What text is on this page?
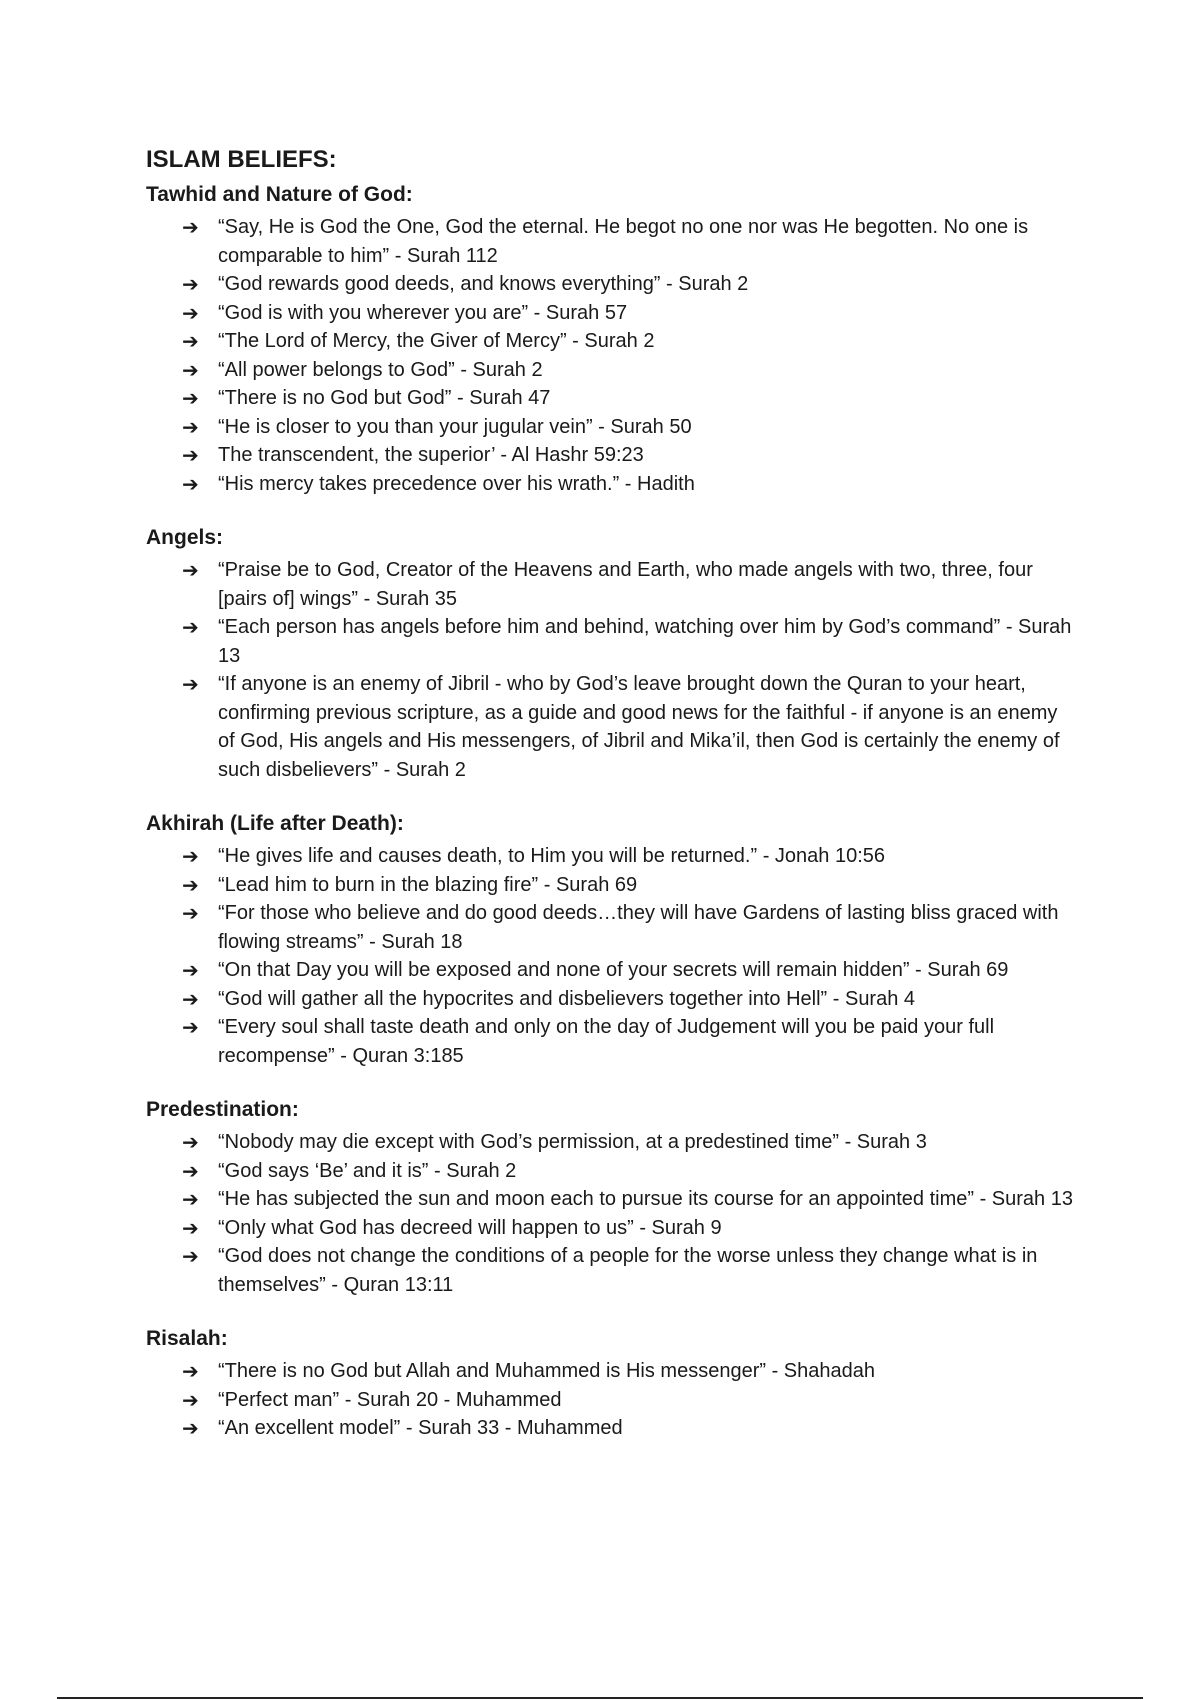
ISLAM BELIEFS:
Tawhid and Nature of God:
➔ “Say, He is God the One, God the eternal. He begot no one nor was He begotten. No one is comparable to him” - Surah 112
➔ “God rewards good deeds, and knows everything” - Surah 2
➔ “God is with you wherever you are” - Surah 57
➔ “The Lord of Mercy, the Giver of Mercy” - Surah 2
➔ “All power belongs to God” - Surah 2
➔ “There is no God but God” - Surah 47
➔ “He is closer to you than your jugular vein” - Surah 50
➔ The transcendent, the superior’ - Al Hashr 59:23
➔ “His mercy takes precedence over his wrath.” - Hadith
Angels:
➔ “Praise be to God, Creator of the Heavens and Earth, who made angels with two, three, four [pairs of] wings” - Surah 35
➔ “Each person has angels before him and behind, watching over him by God’s command” - Surah 13
➔ “If anyone is an enemy of Jibril - who by God’s leave brought down the Quran to your heart, confirming previous scripture, as a guide and good news for the faithful - if anyone is an enemy of God, His angels and His messengers, of Jibril and Mika’il, then God is certainly the enemy of such disbelievers” - Surah 2
Akhirah (Life after Death):
➔ “He gives life and causes death, to Him you will be returned.” - Jonah 10:56
➔ “Lead him to burn in the blazing fire” - Surah 69
➔ “For those who believe and do good deeds…they will have Gardens of lasting bliss graced with flowing streams” - Surah 18
➔ “On that Day you will be exposed and none of your secrets will remain hidden” - Surah 69
➔ “God will gather all the hypocrites and disbelievers together into Hell” - Surah 4
➔ “Every soul shall taste death and only on the day of Judgement will you be paid your full recompense” - Quran 3:185
Predestination:
➔ “Nobody may die except with God’s permission, at a predestined time” - Surah 3
➔ “God says ‘Be’ and it is” - Surah 2
➔ “He has subjected the sun and moon each to pursue its course for an appointed time” - Surah 13
➔ “Only what God has decreed will happen to us” - Surah 9
➔ “God does not change the conditions of a people for the worse unless they change what is in themselves” - Quran 13:11
Risalah:
➔ “There is no God but Allah and Muhammed is His messenger” - Shahadah
➔ “Perfect man” - Surah 20 - Muhammed
➔ “An excellent model” - Surah 33 - Muhammed
